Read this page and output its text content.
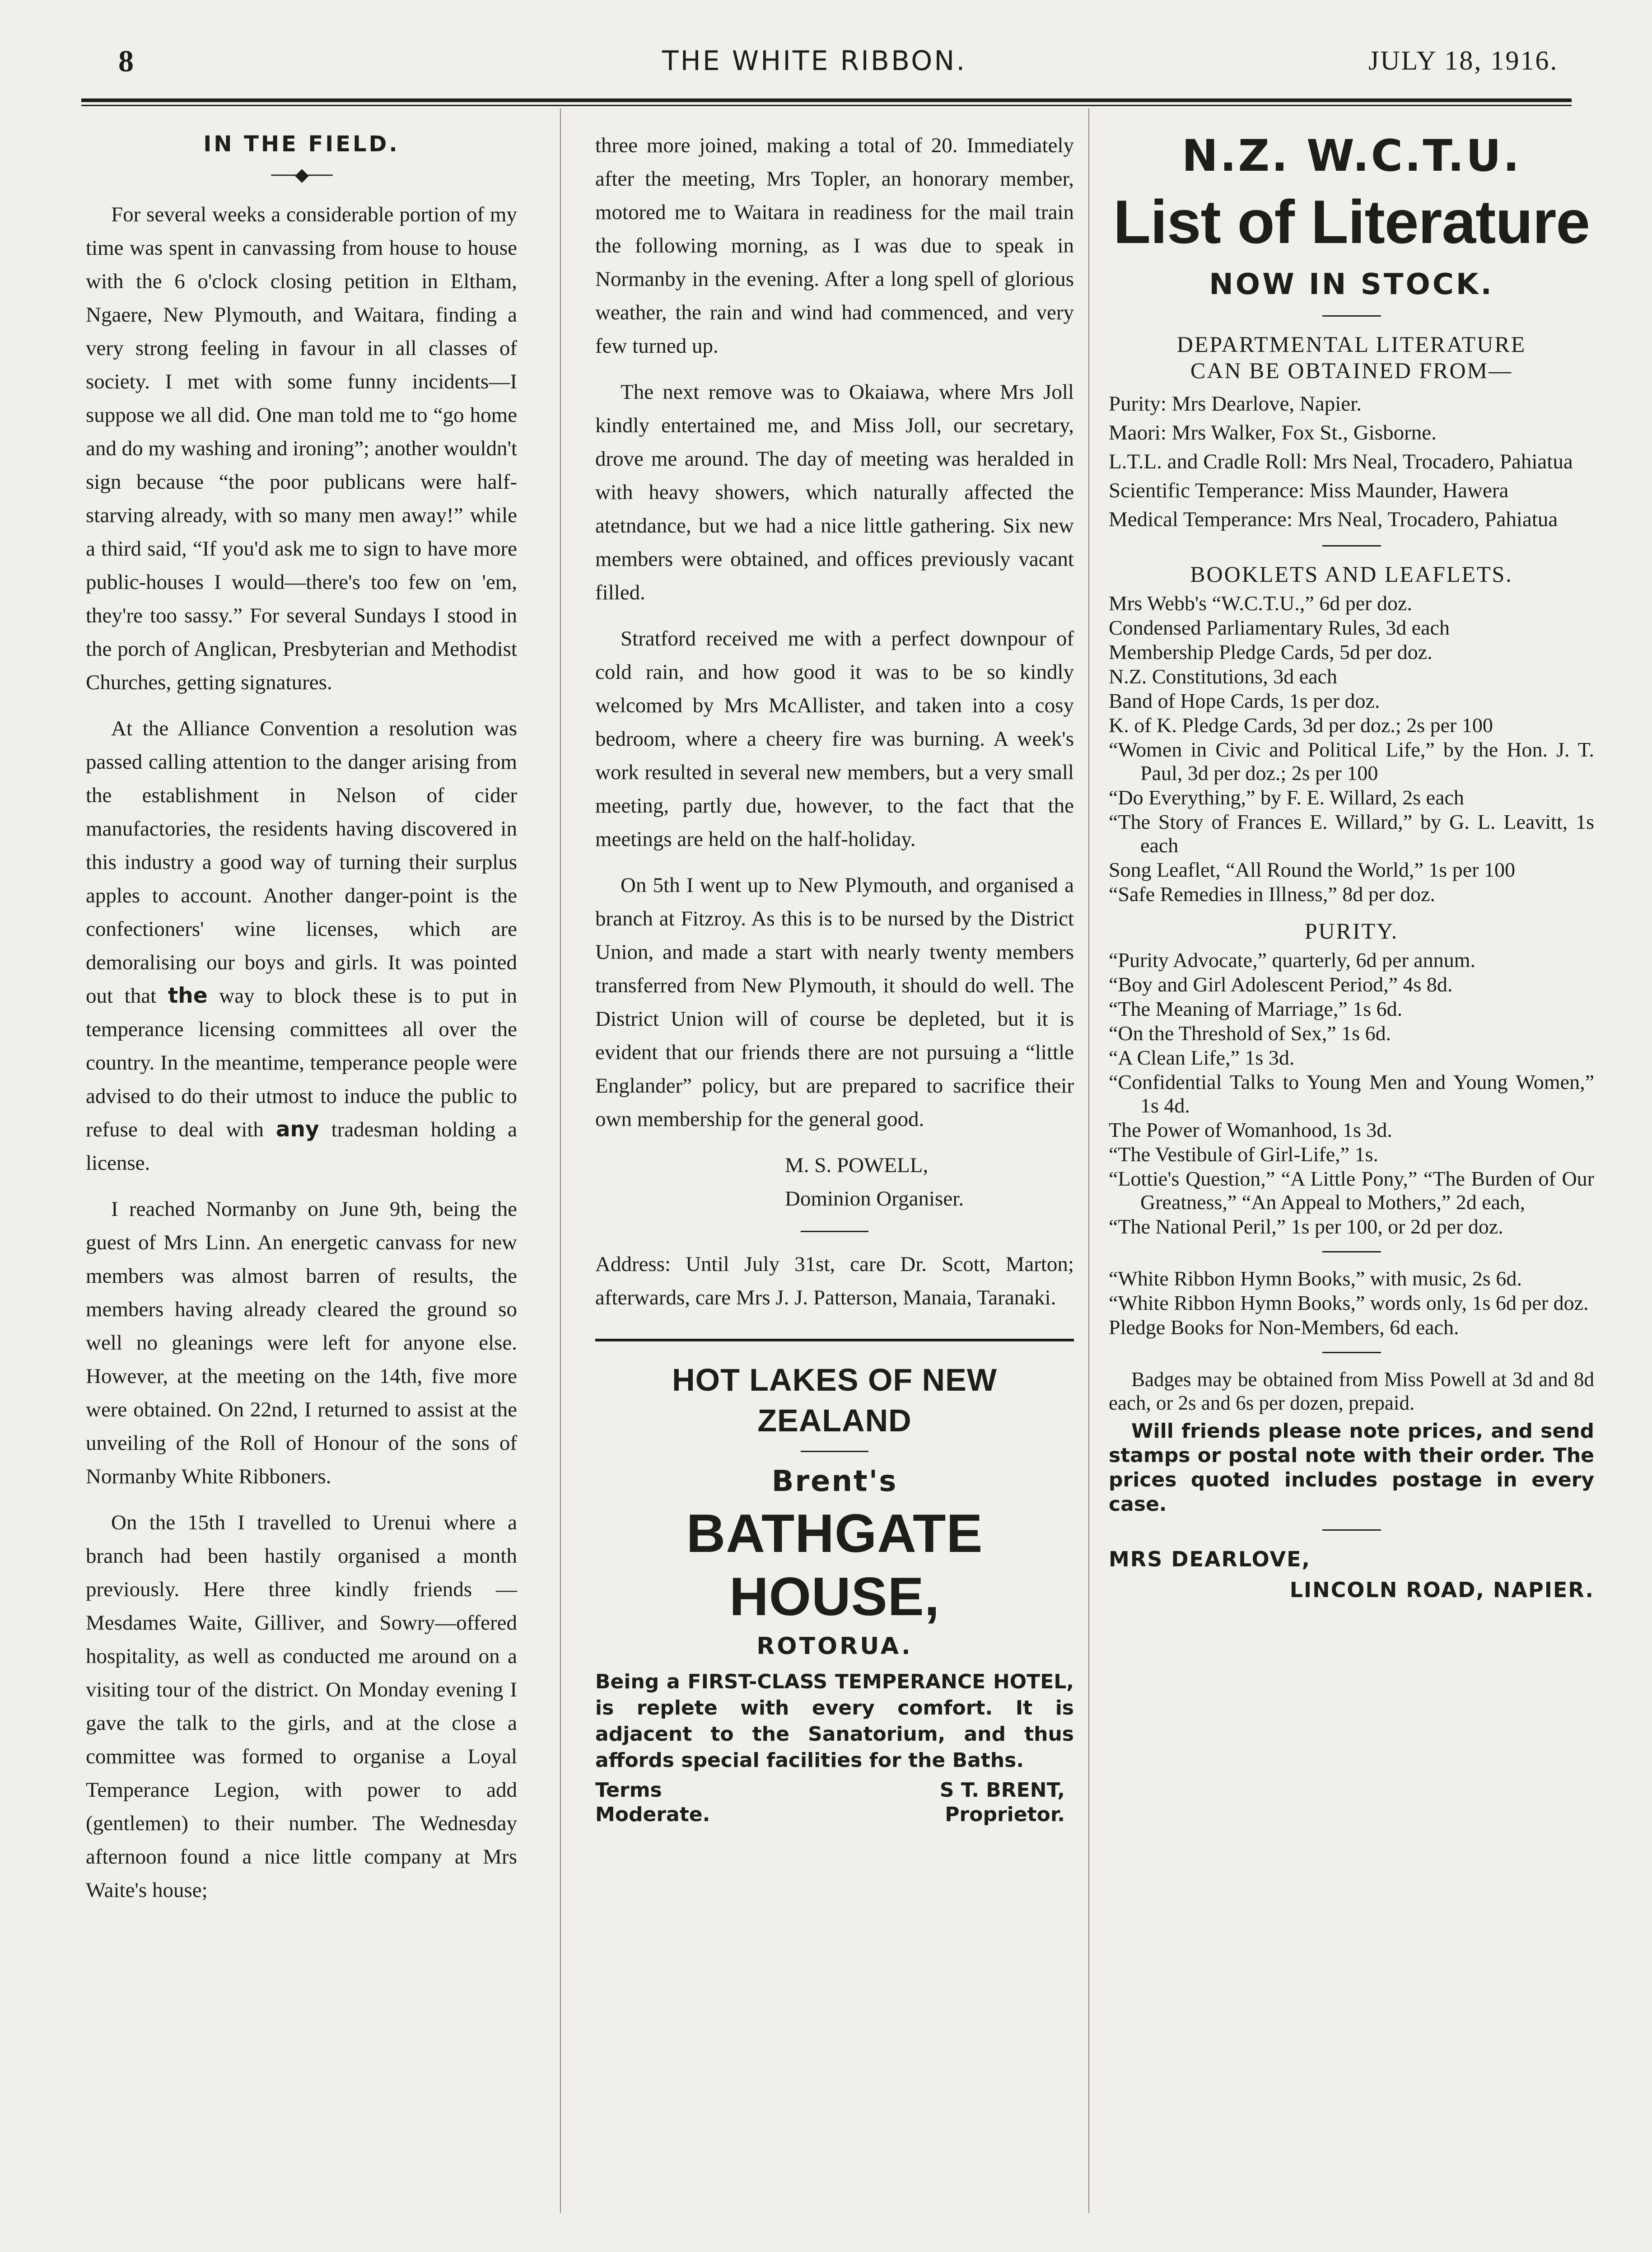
8	THE WHITE RIBBON.	JULY 18, 1916.
IN THE FIELD.
──◆──

For several weeks a considerable portion of my time was spent in canvassing from house to house with the 6 o'clock closing petition in Eltham, Ngaere, New Plymouth, and Waitara, finding a very strong feeling in favour in all classes of society. I met with some funny incidents—I suppose we all did. One man told me to “go home and do my washing and ironing”; another wouldn't sign because “the poor publicans were half-starving already, with so many men away!” while a third said, “If you'd ask me to sign to have more public-houses I would—there's too few on 'em, they're too sassy.” For several Sundays I stood in the porch of Anglican, Presbyterian and Methodist Churches, getting signatures.

At the Alliance Convention a resolution was passed calling attention to the danger arising from the establishment in Nelson of cider manufactories, the residents having discovered in this industry a good way of turning their surplus apples to account. Another danger-point is the confectioners' wine licenses, which are demoralising our boys and girls. It was pointed out that the way to block these is to put in temperance licensing committees all over the country. In the meantime, temperance people were advised to do their utmost to induce the public to refuse to deal with any tradesman holding a license.

I reached Normanby on June 9th, being the guest of Mrs Linn. An energetic canvass for new members was almost barren of results, the members having already cleared the ground so well no gleanings were left for anyone else. However, at the meeting on the 14th, five more were obtained. On 22nd, I returned to assist at the unveiling of the Roll of Honour of the sons of Normanby White Ribboners.

On the 15th I travelled to Urenui where a branch had been hastily organised a month previously. Here three kindly friends — Mesdames Waite, Gilliver, and Sowry—offered hospitality, as well as conducted me around on a visiting tour of the district. On Monday evening I gave the talk to the girls, and at the close a committee was formed to organise a Loyal Temperance Legion, with power to add (gentlemen) to their number. The Wednesday afternoon found a nice little company at Mrs Waite's house;

three more joined, making a total of 20. Immediately after the meeting, Mrs Topler, an honorary member, motored me to Waitara in readiness for the mail train the following morning, as I was due to speak in Normanby in the evening. After a long spell of glorious weather, the rain and wind had commenced, and very few turned up.

The next remove was to Okaiawa, where Mrs Joll kindly entertained me, and Miss Joll, our secretary, drove me around. The day of meeting was heralded in with heavy showers, which naturally affected the atetndance, but we had a nice little gathering. Six new members were obtained, and offices previously vacant filled.

Stratford received me with a perfect downpour of cold rain, and how good it was to be so kindly welcomed by Mrs McAllister, and taken into a cosy bedroom, where a cheery fire was burning. A week's work resulted in several new members, but a very small meeting, partly due, however, to the fact that the meetings are held on the half-holiday.

On 5th I went up to New Plymouth, and organised a branch at Fitzroy. As this is to be nursed by the District Union, and made a start with nearly twenty members transferred from New Plymouth, it should do well. The District Union will of course be depleted, but it is evident that our friends there are not pursuing a “little Englander” policy, but are prepared to sacrifice their own membership for the general good.

M. S. POWELL,

Dominion Organiser.

Address: Until July 31st, care Dr. Scott, Marton; afterwards, care Mrs J. J. Patterson, Manaia, Taranaki.

HOT LAKES OF NEW ZEALAND
Brent's
BATHGATE HOUSE,
ROTORUA.
Being a FIRST-CLASS TEMPERANCE HOTEL, is replete with every comfort. It is adjacent to the Sanatorium, and thus affords special facilities for the Baths.
Terms
Moderate.
S T. BRENT,
Proprietor.
N.Z. W.C.T.U.
List of Literature
NOW IN STOCK.
DEPARTMENTAL LITERATURE
CAN BE OBTAINED FROM—
Purity: Mrs Dearlove, Napier.
Maori: Mrs Walker, Fox St., Gisborne.
L.T.L. and Cradle Roll: Mrs Neal, Trocadero, Pahiatua
Scientific Temperance: Miss Maunder, Hawera
Medical Temperance: Mrs Neal, Trocadero, Pahiatua
BOOKLETS AND LEAFLETS.
Mrs Webb's “W.C.T.U.,” 6d per doz.
Condensed Parliamentary Rules, 3d each
Membership Pledge Cards, 5d per doz.
N.Z. Constitutions, 3d each
Band of Hope Cards, 1s per doz.
K. of K. Pledge Cards, 3d per doz.; 2s per 100
“Women in Civic and Political Life,” by the Hon. J. T. Paul, 3d per doz.; 2s per 100
“Do Everything,” by F. E. Willard, 2s each
“The Story of Frances E. Willard,” by G. L. Leavitt, 1s each
Song Leaflet, “All Round the World,” 1s per 100
“Safe Remedies in Illness,” 8d per doz.
PURITY.
“Purity Advocate,” quarterly, 6d per annum.
“Boy and Girl Adolescent Period,” 4s 8d.
“The Meaning of Marriage,” 1s 6d.
“On the Threshold of Sex,” 1s 6d.
“A Clean Life,” 1s 3d.
“Confidential Talks to Young Men and Young Women,” 1s 4d.
The Power of Womanhood, 1s 3d.
“The Vestibule of Girl-Life,” 1s.
“Lottie's Question,” “A Little Pony,” “The Burden of Our Greatness,” “An Appeal to Mothers,” 2d each,
“The National Peril,” 1s per 100, or 2d per doz.
“White Ribbon Hymn Books,” with music, 2s 6d.
“White Ribbon Hymn Books,” words only, 1s 6d per doz.
Pledge Books for Non-Members, 6d each.
Badges may be obtained from Miss Powell at 3d and 8d each, or 2s and 6s per dozen, prepaid.
Will friends please note prices, and send stamps or postal note with their order. The prices quoted includes postage in every case.
MRS DEARLOVE,
LINCOLN ROAD, NAPIER.
